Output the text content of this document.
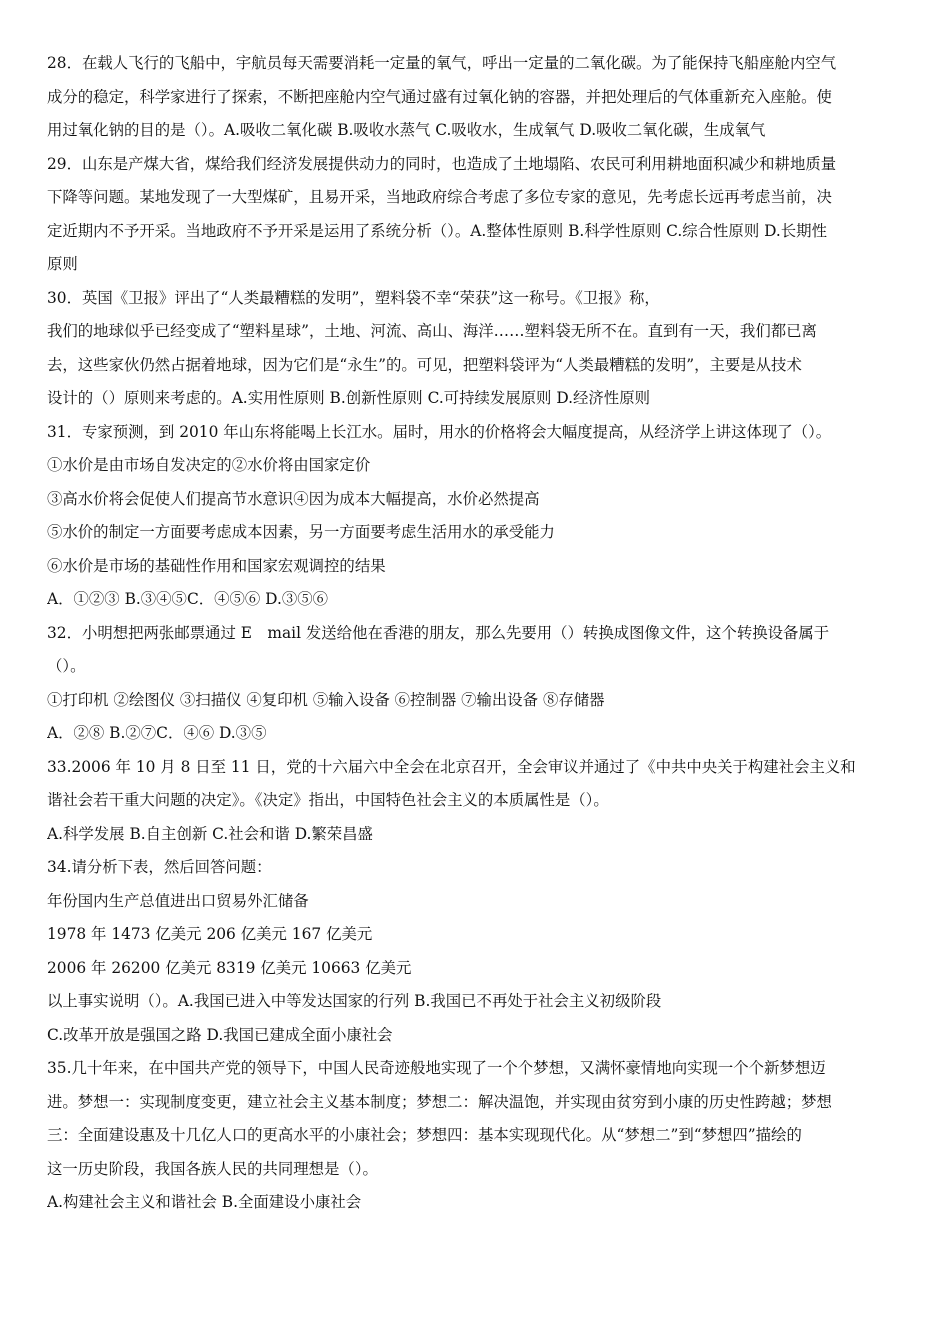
28．在载人飞行的飞船中，宇航员每天需要消耗一定量的氧气，呼出一定量的二氧化碳。为了能保持飞船座舱内空气
成分的稳定，科学家进行了探索，不断把座舱内空气通过盛有过氧化钠的容器，并把处理后的气体重新充入座舱。使
用过氧化钠的目的是（）。A.吸收二氧化碳 B.吸收水蒸气 C.吸收水，生成氧气 D.吸收二氧化碳，生成氧气
29．山东是产煤大省，煤给我们经济发展提供动力的同时，也造成了土地塌陷、农民可利用耕地面积减少和耕地质量
下降等问题。某地发现了一大型煤矿，且易开采，当地政府综合考虑了多位专家的意见，先考虑长远再考虑当前，决
定近期内不予开采。当地政府不予开采是运用了系统分析（）。A.整体性原则 B.科学性原则 C.综合性原则 D.长期性
原则
30．英国《卫报》评出了“人类最糟糕的发明”，塑料袋不幸“荣获”这一称号。《卫报》称，
我们的地球似乎已经变成了“塑料星球”，土地、河流、高山、海洋……塑料袋无所不在。直到有一天，我们都已离
去，这些家伙仍然占据着地球，因为它们是“永生”的。可见，把塑料袋评为“人类最糟糕的发明”，主要是从技术
设计的（）原则来考虑的。A.实用性原则 B.创新性原则 C.可持续发展原则 D.经济性原则
31．专家预测，到 2010 年山东将能喝上长江水。届时，用水的价格将会大幅度提高，从经济学上讲这体现了（）。
①水价是由市场自发决定的②水价将由国家定价
③高水价将会促使人们提高节水意识④因为成本大幅提高，水价必然提高
⑤水价的制定一方面要考虑成本因素，另一方面要考虑生活用水的承受能力
⑥水价是市场的基础性作用和国家宏观调控的结果
A．①②③ B.③④⑤C．④⑤⑥ D.③⑤⑥
32．小明想把两张邮票通过 E　mail 发送给他在香港的朋友，那么先要用（）转换成图像文件，这个转换设备属于
（）。
①打印机 ②绘图仪 ③扫描仪 ④复印机 ⑤输入设备 ⑥控制器 ⑦输出设备 ⑧存储器
A．②⑧ B.②⑦C．④⑥ D.③⑤
33.2006 年 10 月 8 日至 11 日，党的十六届六中全会在北京召开，全会审议并通过了《中共中央关于构建社会主义和
谐社会若干重大问题的决定》。《决定》指出，中国特色社会主义的本质属性是（）。
A.科学发展 B.自主创新 C.社会和谐 D.繁荣昌盛
34.请分析下表，然后回答问题：
年份国内生产总值进出口贸易外汇储备
1978 年 1473 亿美元 206 亿美元 167 亿美元
2006 年 26200 亿美元 8319 亿美元 10663 亿美元
以上事实说明（）。A.我国已进入中等发达国家的行列 B.我国已不再处于社会主义初级阶段
C.改革开放是强国之路 D.我国已建成全面小康社会
35.几十年来，在中国共产党的领导下，中国人民奇迹般地实现了一个个梦想，又满怀豪情地向实现一个个新梦想迈
进。梦想一：实现制度变更，建立社会主义基本制度；梦想二：解决温饱，并实现由贫穷到小康的历史性跨越；梦想
三：全面建设惠及十几亿人口的更高水平的小康社会；梦想四：基本实现现代化。从“梦想二”到“梦想四”描绘的
这一历史阶段，我国各族人民的共同理想是（）。
A.构建社会主义和谐社会 B.全面建设小康社会
